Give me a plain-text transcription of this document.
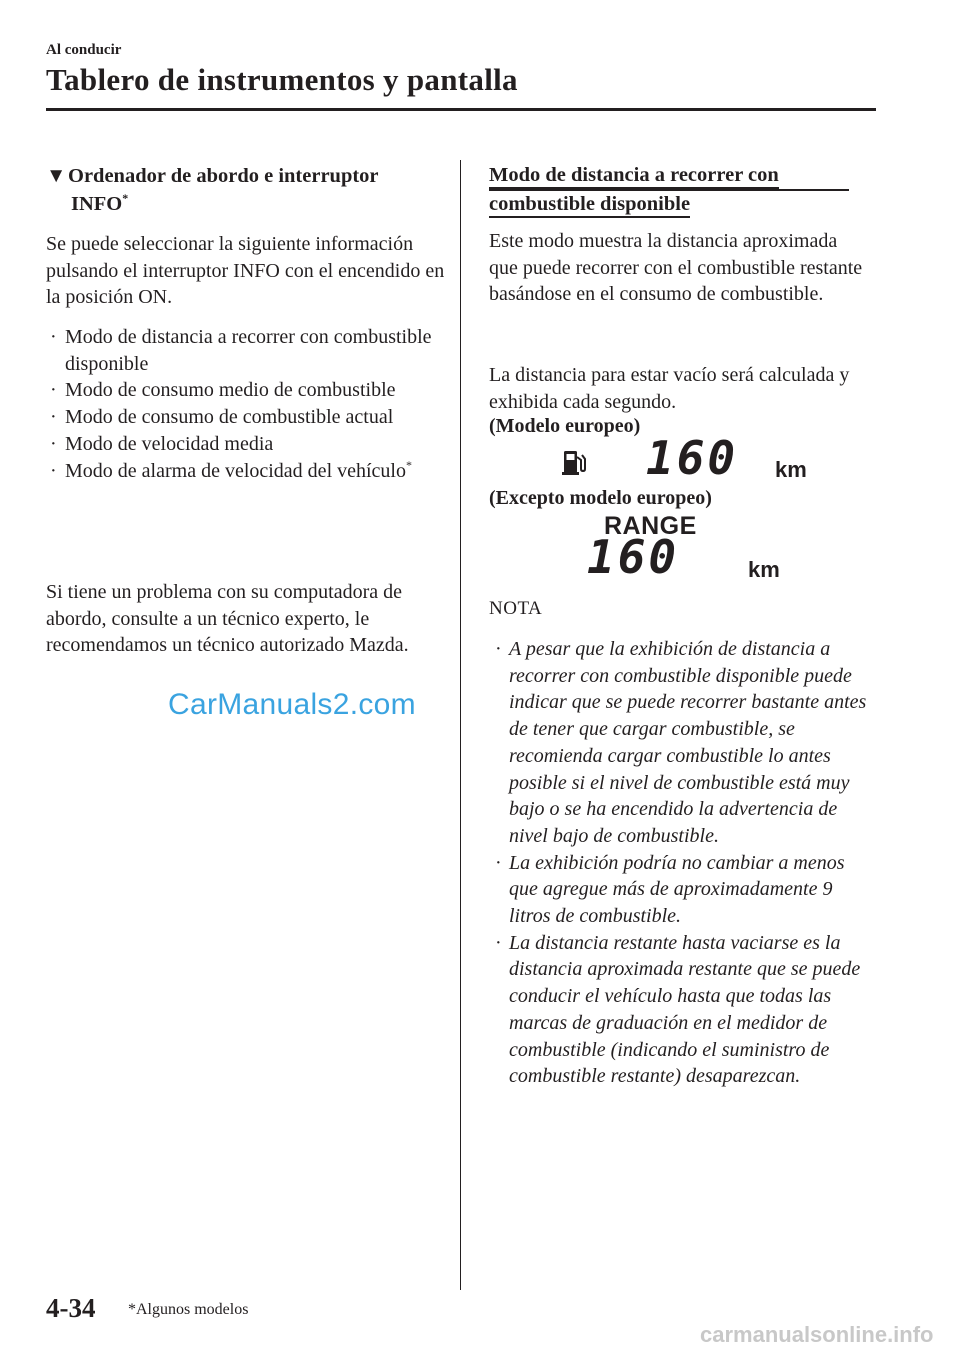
Al conducir
Tablero de instrumentos y pantalla
▼Ordenador de abordo e interruptor
INFO*
Se puede seleccionar la siguiente información pulsando el interruptor INFO con el encendido en la posición ON.
· Modo de distancia a recorrer con combustible disponible
· Modo de consumo medio de combustible
· Modo de consumo de combustible actual
· Modo de velocidad media
· Modo de alarma de velocidad del vehículo*
Si tiene un problema con su computadora de abordo, consulte a un técnico experto, le recomendamos un técnico autorizado Mazda.
CarManuals2.com
Modo de distancia a recorrer con
combustible disponible
Este modo muestra la distancia aproximada que puede recorrer con el combustible restante basándose en el consumo de combustible.
La distancia para estar vacío será calculada y exhibida cada segundo.
(Modelo europeo)
160 km
(Excepto modelo europeo)
RANGE
160	km
NOTA
· A pesar que la exhibición de distancia a recorrer con combustible disponible puede indicar que se puede recorrer bastante antes de tener que cargar combustible, se recomienda cargar combustible lo antes posible si el nivel de combustible está muy bajo o se ha encendido la advertencia de nivel bajo de combustible.
· La exhibición podría no cambiar a menos que agregue más de aproximadamente 9 litros de combustible.
· La distancia restante hasta vaciarse es la distancia aproximada restante que se puede conducir el vehículo hasta que todas las marcas de graduación en el medidor de combustible (indicando el suministro de combustible restante) desaparezcan.
4-34 *Algunos modelos
carmanualsonline.info
